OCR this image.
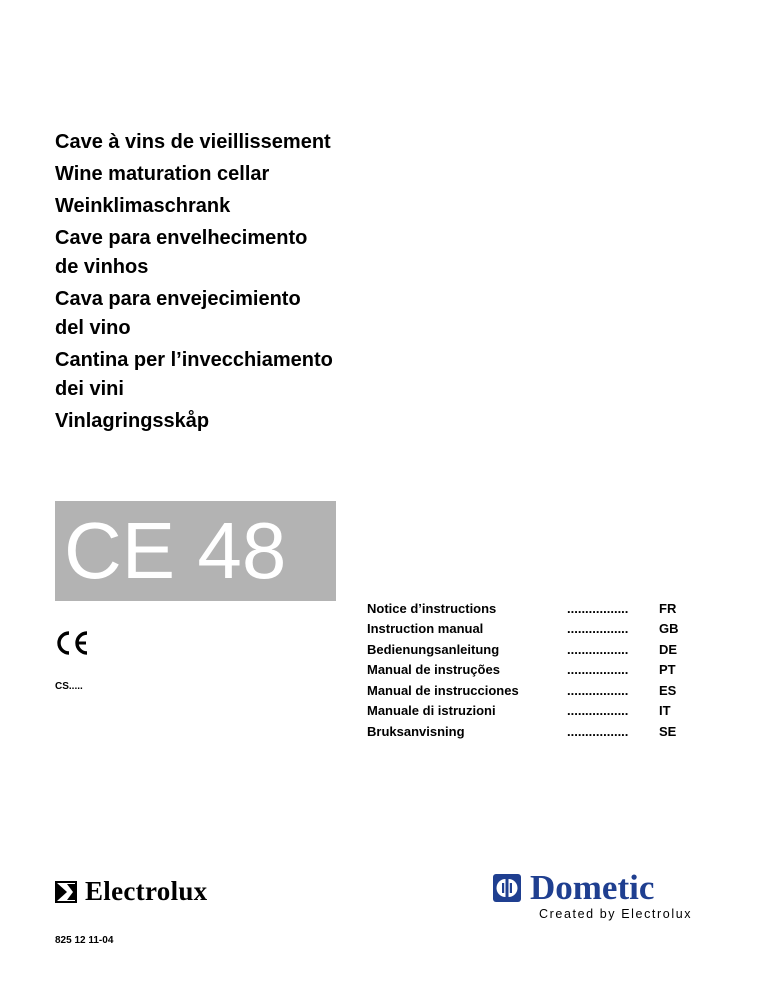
Cave à vins de vieillissement
Wine maturation cellar
Weinklimaschrank
Cave para envelhecimento
de vinhos
Cava para envejecimiento
del vino
Cantina per l’invecchiamento
dei vini
Vinlagringsskåp
CE 48
CS.....
Notice d’instructions	.................	FR
Instruction manual	.................	GB
Bedienungsanleitung	.................	DE
Manual de instruções	.................	PT
Manual de instrucciones	.................	ES
Manuale di istruzioni	.................	IT
Bruksanvisning	.................	SE
Electrolux	Dometic
Created by Electrolux
825 12 11-04
